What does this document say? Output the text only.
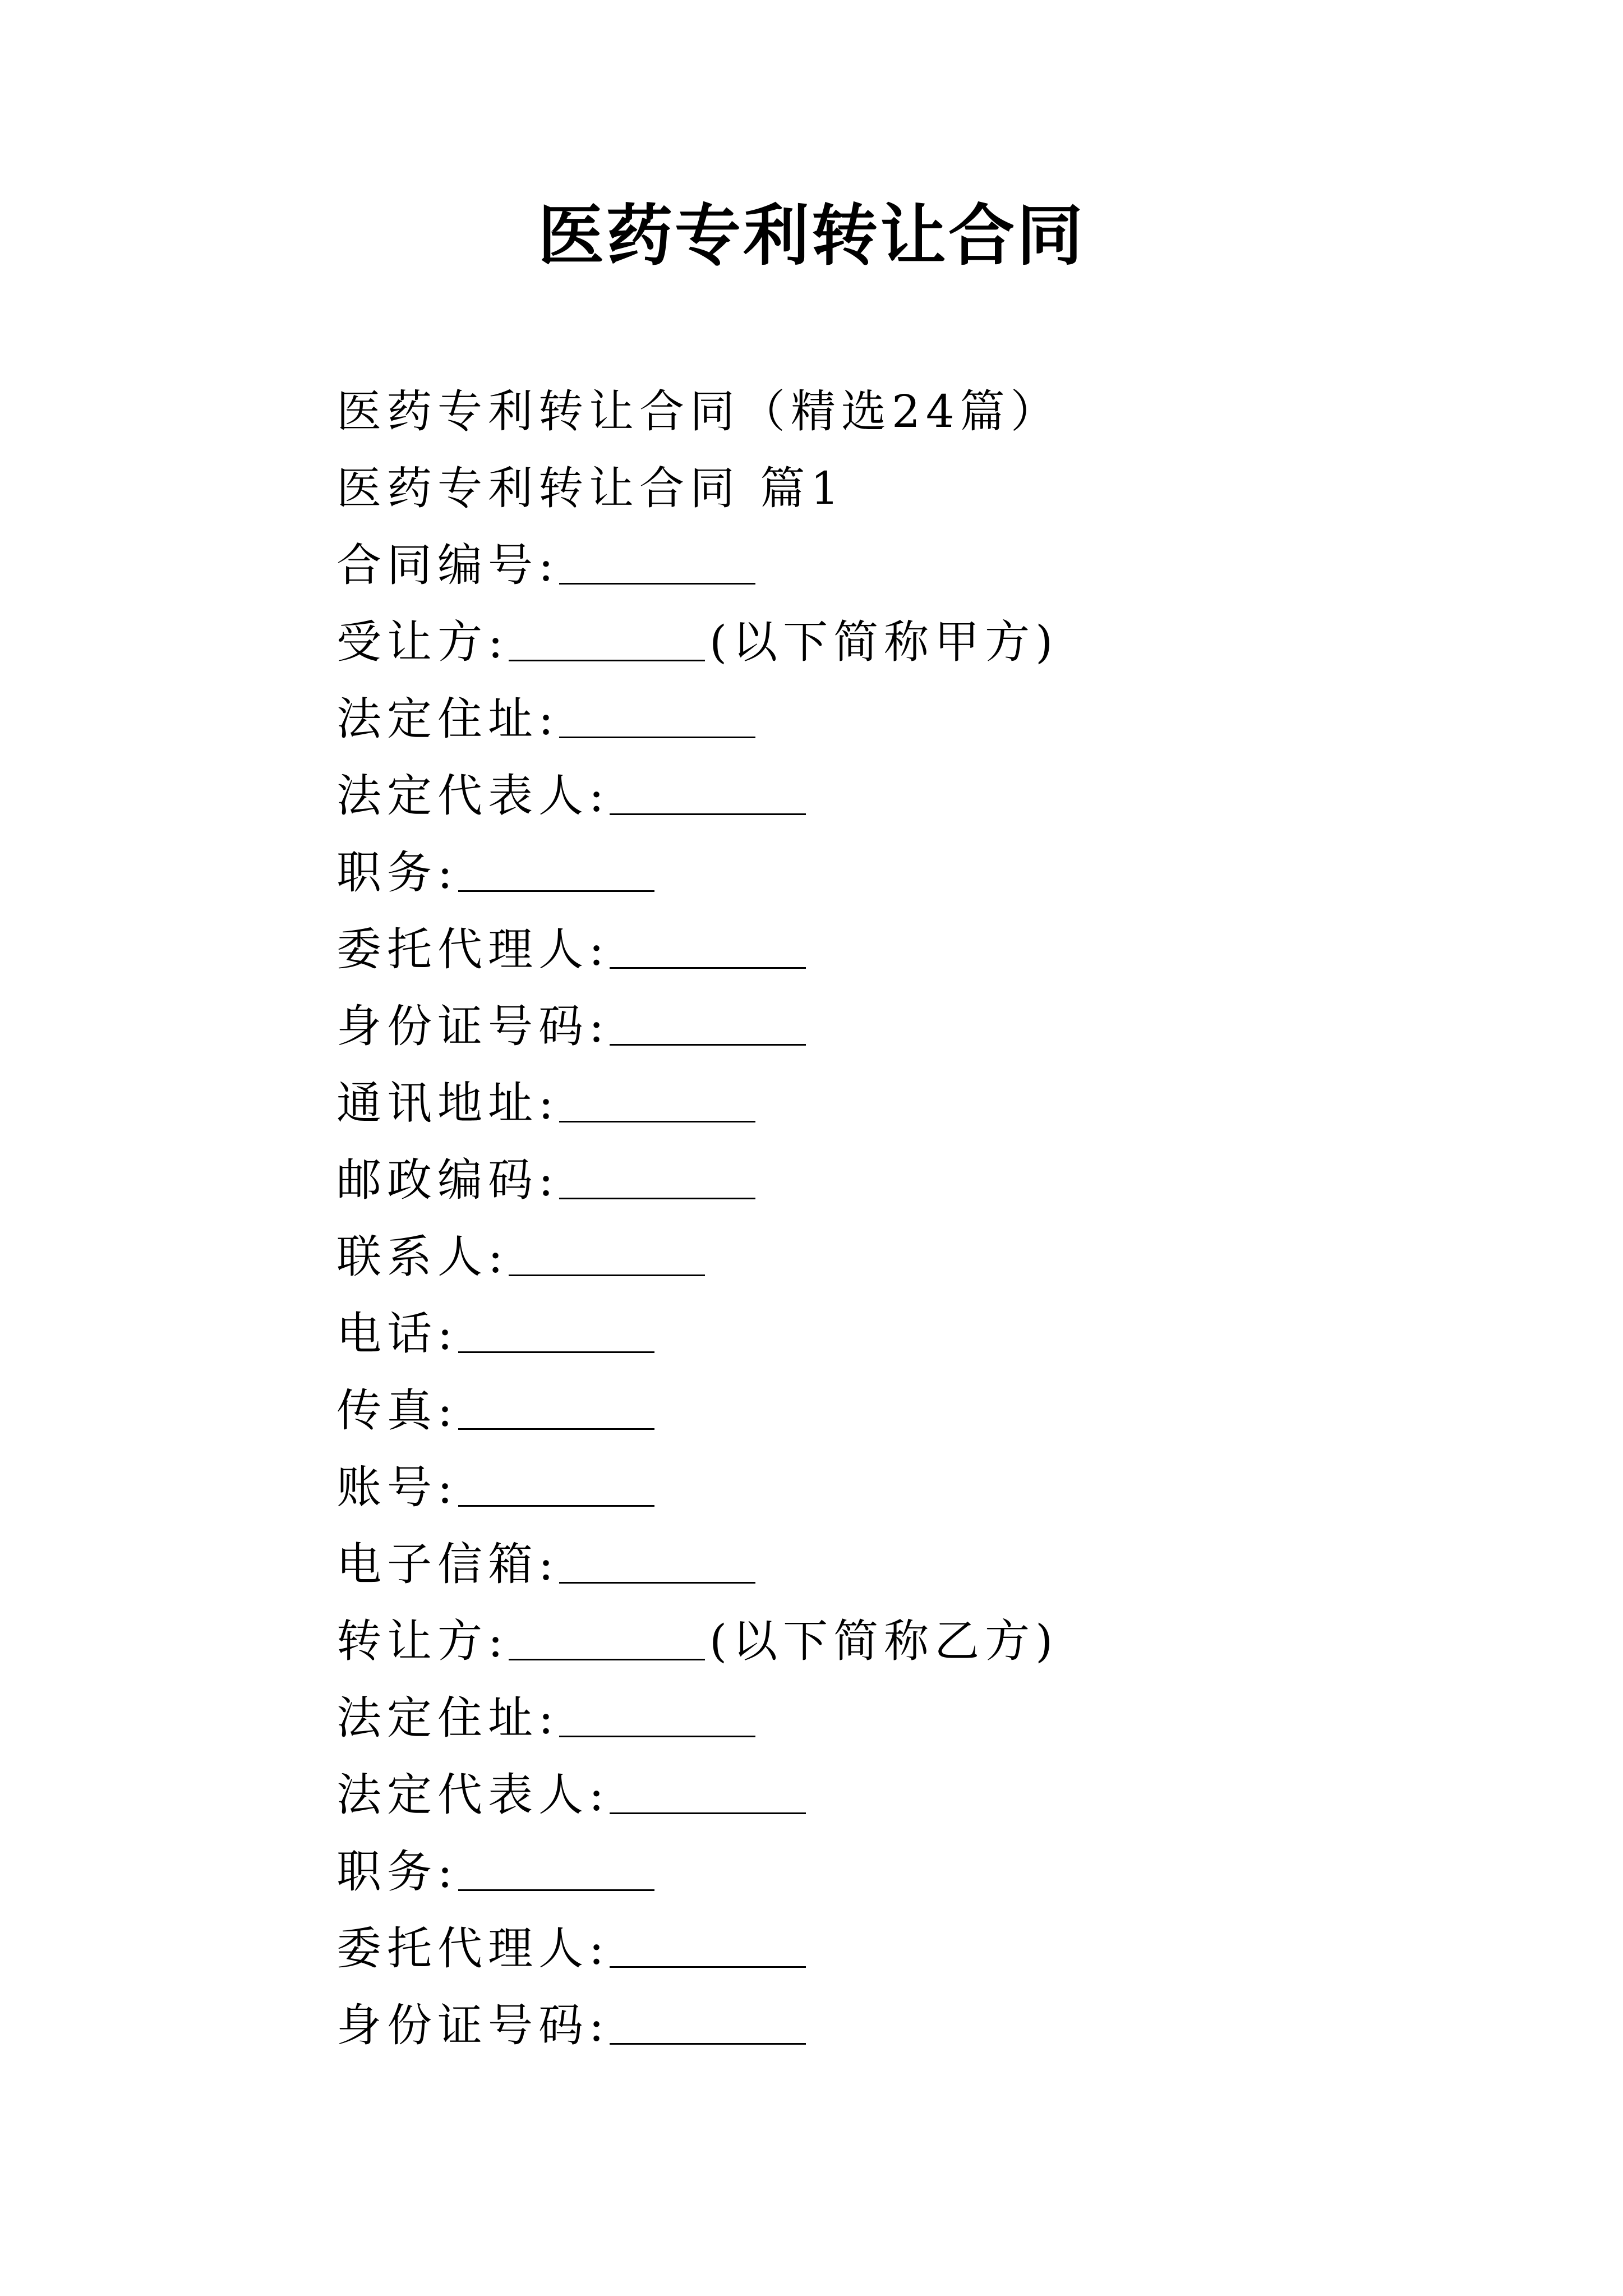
医药专利转让合同
医药专利转让合同（精选24篇）
医药专利转让合同 篇1
合同编号:
受让方:	(以下简称甲方)
法定住址:
法定代表人:
职务:
委托代理人:
身份证号码:
通讯地址:
邮政编码:
联系人:
电话:
传真:
账号:
电子信箱:
转让方:	(以下简称乙方)
法定住址:
法定代表人:
职务:
委托代理人:
身份证号码:
